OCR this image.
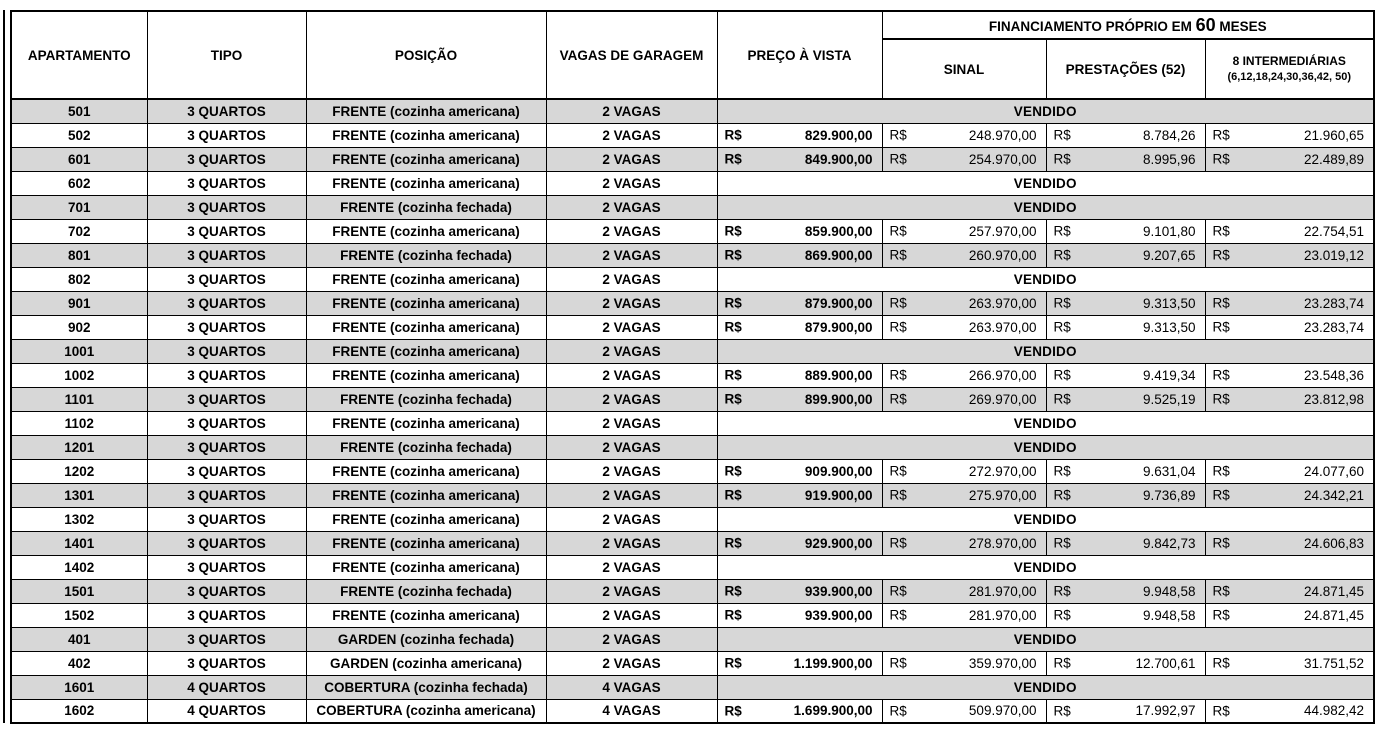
APARTAMENTO	TIPO	POSIÇÃO	VAGAS DE GARAGEM	PREÇO À VISTA	FINANCIAMENTO PRÓPRIO EM 60 MESES		
					SINAL	PRESTAÇÕES (52)	8 INTERMEDIÁRIAS
(6,12,18,24,30,36,42, 50)

501	3 QUARTOS	FRENTE (cozinha americana)	2 VAGAS	VENDIDO			
502	3 QUARTOS	FRENTE (cozinha americana)	2 VAGAS	R$ 829.900,00	R$ 248.970,00	R$ 8.784,26	R$ 21.960,65
601	3 QUARTOS	FRENTE (cozinha americana)	2 VAGAS	R$ 849.900,00	R$ 254.970,00	R$ 8.995,96	R$ 22.489,89
602	3 QUARTOS	FRENTE (cozinha americana)	2 VAGAS	VENDIDO			
701	3 QUARTOS	FRENTE (cozinha fechada)	2 VAGAS	VENDIDO			
702	3 QUARTOS	FRENTE (cozinha americana)	2 VAGAS	R$ 859.900,00	R$ 257.970,00	R$ 9.101,80	R$ 22.754,51
801	3 QUARTOS	FRENTE (cozinha fechada)	2 VAGAS	R$ 869.900,00	R$ 260.970,00	R$ 9.207,65	R$ 23.019,12
802	3 QUARTOS	FRENTE (cozinha americana)	2 VAGAS	VENDIDO			
901	3 QUARTOS	FRENTE (cozinha americana)	2 VAGAS	R$ 879.900,00	R$ 263.970,00	R$ 9.313,50	R$ 23.283,74
902	3 QUARTOS	FRENTE (cozinha americana)	2 VAGAS	R$ 879.900,00	R$ 263.970,00	R$ 9.313,50	R$ 23.283,74
1001	3 QUARTOS	FRENTE (cozinha americana)	2 VAGAS	VENDIDO			
1002	3 QUARTOS	FRENTE (cozinha americana)	2 VAGAS	R$ 889.900,00	R$ 266.970,00	R$ 9.419,34	R$ 23.548,36
1101	3 QUARTOS	FRENTE (cozinha fechada)	2 VAGAS	R$ 899.900,00	R$ 269.970,00	R$ 9.525,19	R$ 23.812,98
1102	3 QUARTOS	FRENTE (cozinha americana)	2 VAGAS	VENDIDO			
1201	3 QUARTOS	FRENTE (cozinha fechada)	2 VAGAS	VENDIDO			
1202	3 QUARTOS	FRENTE (cozinha americana)	2 VAGAS	R$ 909.900,00	R$ 272.970,00	R$ 9.631,04	R$ 24.077,60
1301	3 QUARTOS	FRENTE (cozinha americana)	2 VAGAS	R$ 919.900,00	R$ 275.970,00	R$ 9.736,89	R$ 24.342,21
1302	3 QUARTOS	FRENTE (cozinha americana)	2 VAGAS	VENDIDO			
1401	3 QUARTOS	FRENTE (cozinha americana)	2 VAGAS	R$ 929.900,00	R$ 278.970,00	R$ 9.842,73	R$ 24.606,83
1402	3 QUARTOS	FRENTE (cozinha americana)	2 VAGAS	VENDIDO			
1501	3 QUARTOS	FRENTE (cozinha fechada)	2 VAGAS	R$ 939.900,00	R$ 281.970,00	R$ 9.948,58	R$ 24.871,45
1502	3 QUARTOS	FRENTE (cozinha americana)	2 VAGAS	R$ 939.900,00	R$ 281.970,00	R$ 9.948,58	R$ 24.871,45
401	3 QUARTOS	GARDEN (cozinha fechada)	2 VAGAS	VENDIDO			
402	3 QUARTOS	GARDEN (cozinha americana)	2 VAGAS	R$ 1.199.900,00	R$ 359.970,00	R$ 12.700,61	R$ 31.751,52
1601	4 QUARTOS	COBERTURA (cozinha fechada)	4 VAGAS	VENDIDO			
1602	4 QUARTOS	COBERTURA (cozinha americana)	4 VAGAS	R$ 1.699.900,00	R$ 509.970,00	R$ 17.992,97	R$ 44.982,42
